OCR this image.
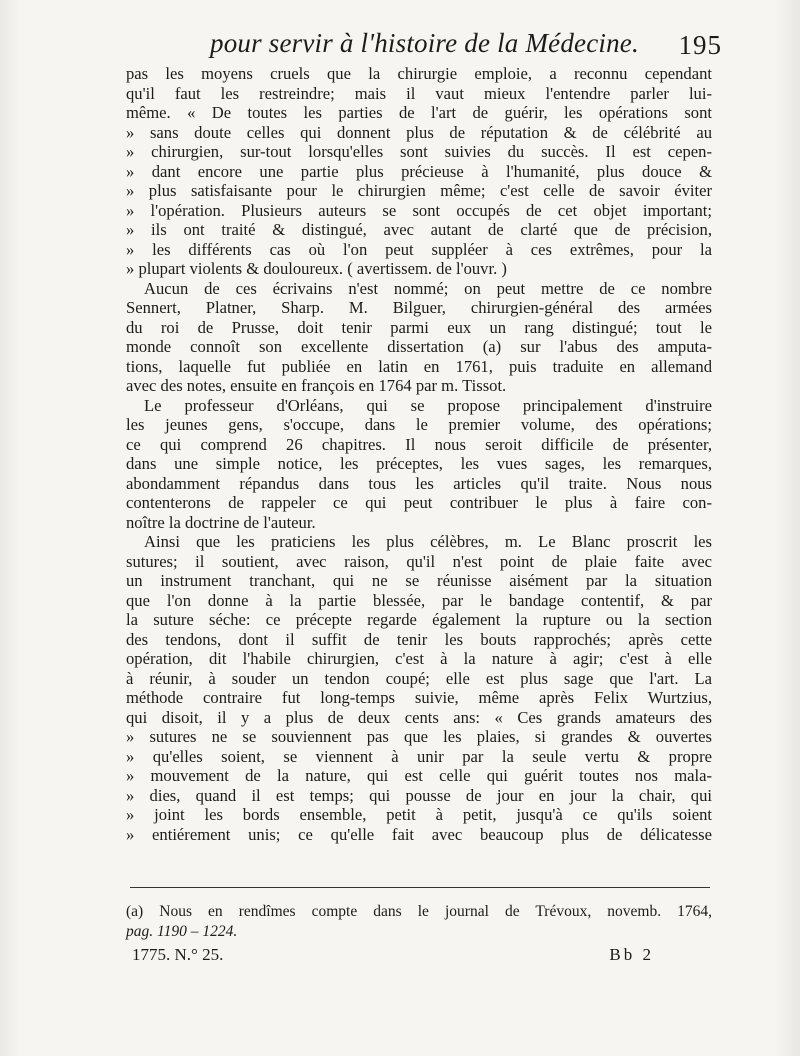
pour servir à l'histoire de la Médecine. 195
pas les moyens cruels que la chirurgie emploie, a reconnu cependant
qu'il faut les restreindre; mais il vaut mieux l'entendre parler lui-
même. « De toutes les parties de l'art de guérir, les opérations sont
» sans doute celles qui donnent plus de réputation & de célébrité au
» chirurgien, sur-tout lorsqu'elles sont suivies du succès. Il est cepen-
» dant encore une partie plus précieuse à l'humanité, plus douce &
» plus satisfaisante pour le chirurgien même; c'est celle de savoir éviter
» l'opération. Plusieurs auteurs se sont occupés de cet objet important;
» ils ont traité & distingué, avec autant de clarté que de précision,
» les différents cas où l'on peut suppléer à ces extrêmes, pour la
» plupart violents & douloureux. ( avertissem. de l'ouvr. )
Aucun de ces écrivains n'est nommé; on peut mettre de ce nombre
Sennert, Platner, Sharp. M. Bilguer, chirurgien-général des armées
du roi de Prusse, doit tenir parmi eux un rang distingué; tout le
monde connoît son excellente dissertation (a) sur l'abus des amputa-
tions, laquelle fut publiée en latin en 1761, puis traduite en allemand
avec des notes, ensuite en françois en 1764 par m. Tissot.
Le professeur d'Orléans, qui se propose principalement d'instruire
les jeunes gens, s'occupe, dans le premier volume, des opérations;
ce qui comprend 26 chapitres. Il nous seroit difficile de présenter,
dans une simple notice, les préceptes, les vues sages, les remarques,
abondamment répandus dans tous les articles qu'il traite. Nous nous
contenterons de rappeler ce qui peut contribuer le plus à faire con-
noître la doctrine de l'auteur.
Ainsi que les praticiens les plus célèbres, m. Le Blanc proscrit les
sutures; il soutient, avec raison, qu'il n'est point de plaie faite avec
un instrument tranchant, qui ne se réunisse aisément par la situation
que l'on donne à la partie blessée, par le bandage contentif, & par
la suture séche: ce précepte regarde également la rupture ou la section
des tendons, dont il suffit de tenir les bouts rapprochés; après cette
opération, dit l'habile chirurgien, c'est à la nature à agir; c'est à elle
à réunir, à souder un tendon coupé; elle est plus sage que l'art. La
méthode contraire fut long-temps suivie, même après Felix Wurtzius,
qui disoit, il y a plus de deux cents ans: « Ces grands amateurs des
» sutures ne se souviennent pas que les plaies, si grandes & ouvertes
» qu'elles soient, se viennent à unir par la seule vertu & propre
» mouvement de la nature, qui est celle qui guérit toutes nos mala-
» dies, quand il est temps; qui pousse de jour en jour la chair, qui
» joint les bords ensemble, petit à petit, jusqu'à ce qu'ils soient
» entiérement unis; ce qu'elle fait avec beaucoup plus de délicatesse
(a) Nous en rendîmes compte dans le journal de Trévoux, novemb. 1764,
pag. 1190 – 1224.
1775. N.° 25.	Bb 2
